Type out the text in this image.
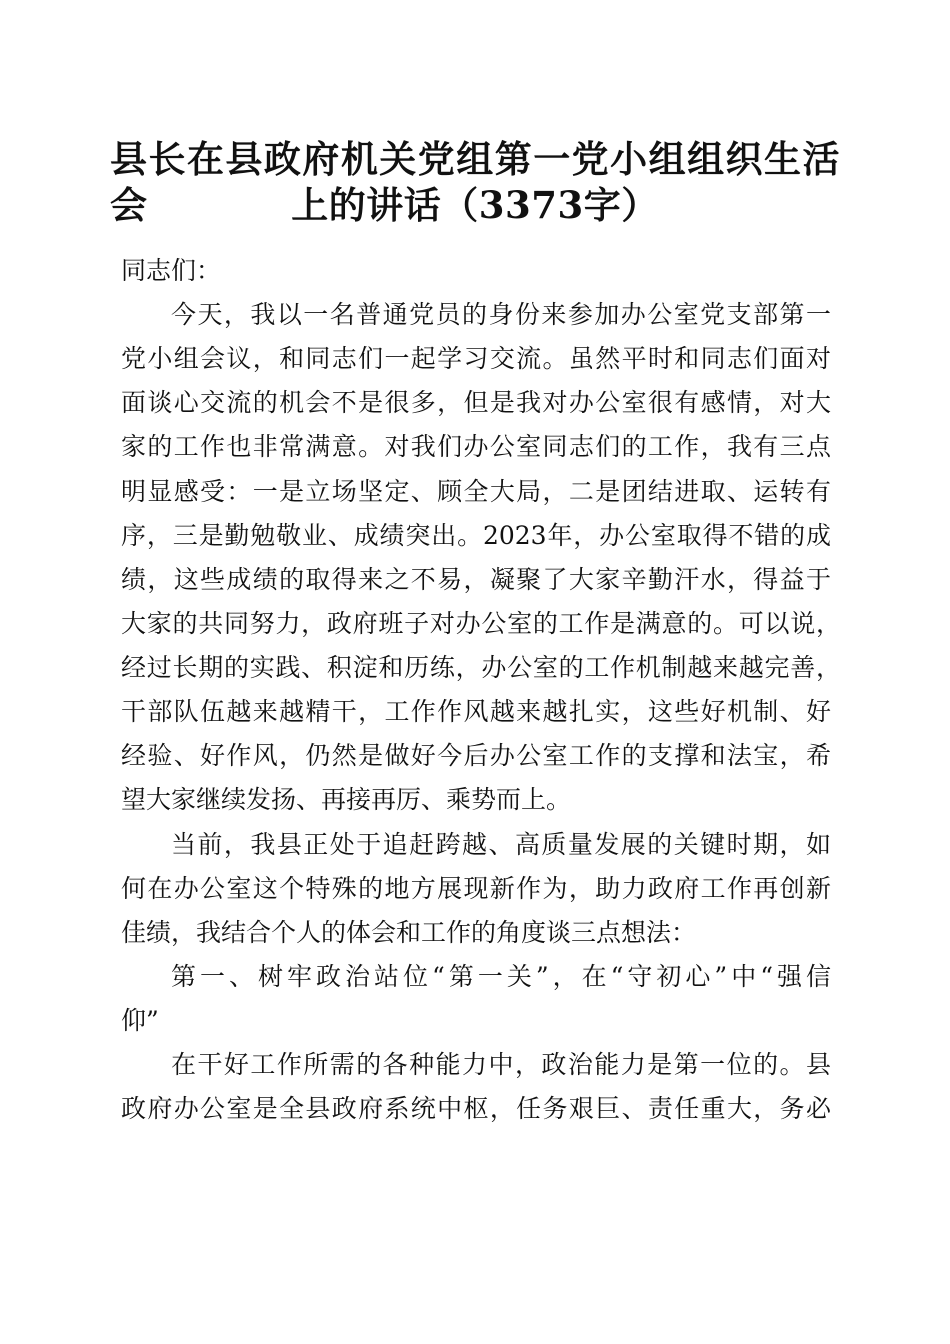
县长在县政府机关党组第一党小组组织生活会	上的讲话（3373字）
同志们：
今天，我以一名普通党员的身份来参加办公室党支部第一
党小组会议，和同志们一起学习交流。虽然平时和同志们面对
面谈心交流的机会不是很多，但是我对办公室很有感情，对大
家的工作也非常满意。对我们办公室同志们的工作，我有三点
明显感受：一是立场坚定、顾全大局，二是团结进取、运转有
序，三是勤勉敬业、成绩突出。2023年，办公室取得不错的成
绩，这些成绩的取得来之不易，凝聚了大家辛勤汗水，得益于
大家的共同努力，政府班子对办公室的工作是满意的。可以说，
经过长期的实践、积淀和历练，办公室的工作机制越来越完善，
干部队伍越来越精干，工作作风越来越扎实，这些好机制、好
经验、好作风，仍然是做好今后办公室工作的支撑和法宝，希
望大家继续发扬、再接再厉、乘势而上。
当前，我县正处于追赶跨越、高质量发展的关键时期，如
何在办公室这个特殊的地方展现新作为，助力政府工作再创新
佳绩，我结合个人的体会和工作的角度谈三点想法：
第一、树牢政治站位“第一关”，在“守初心”中“强信
仰”
在干好工作所需的各种能力中，政治能力是第一位的。县
政府办公室是全县政府系统中枢，任务艰巨、责任重大，务必
